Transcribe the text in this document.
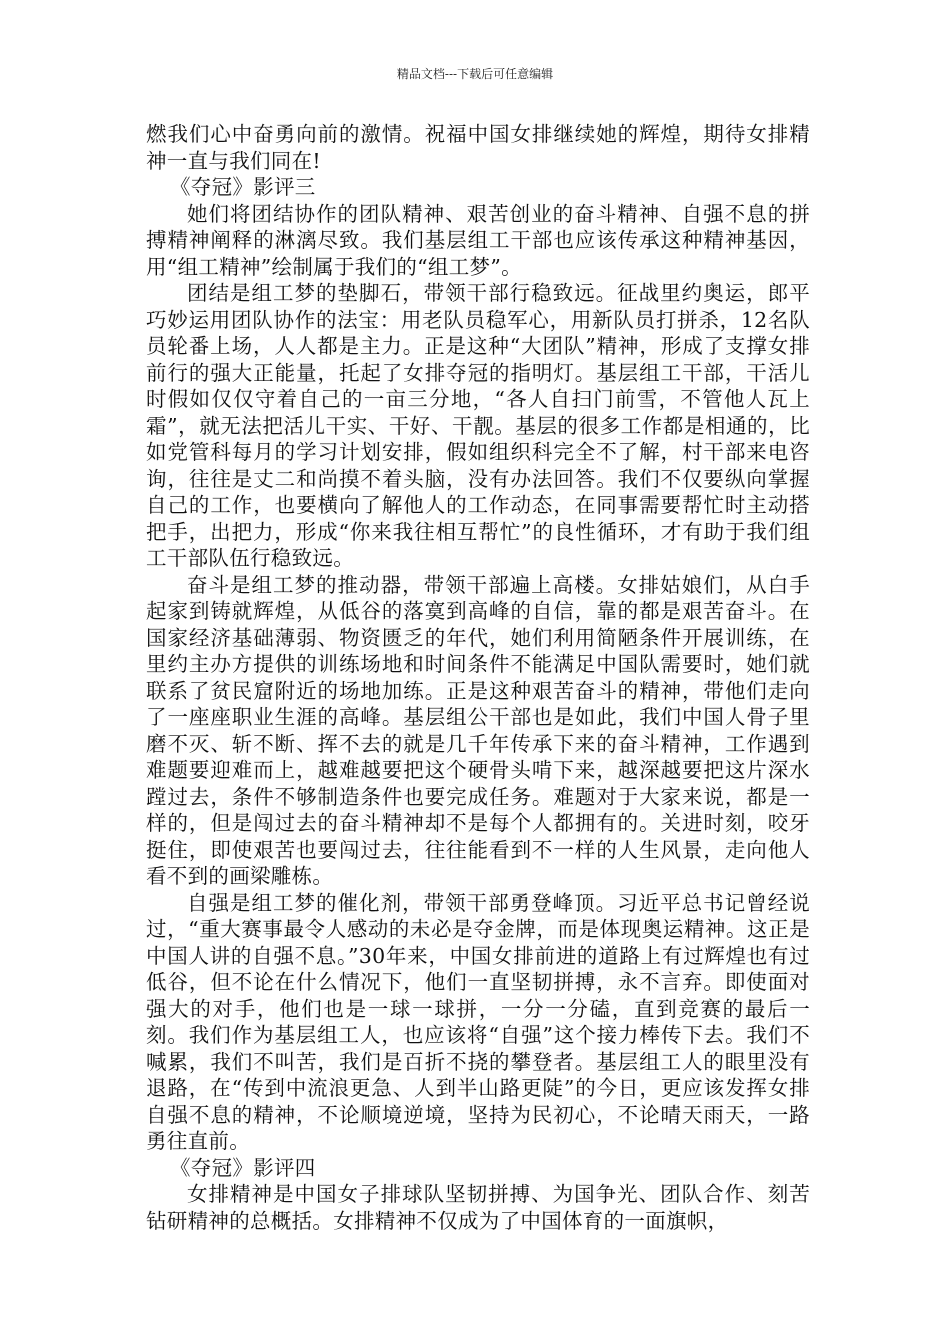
精品文档---下载后可任意编辑

燃我们心中奋勇向前的激情。祝福中国女排继续她的辉煌，期待女排精神一直与我们同在!

《夺冠》影评三

她们将团结协作的团队精神、艰苦创业的奋斗精神、自强不息的拼搏精神阐释的淋漓尽致。我们基层组工干部也应该传承这种精神基因，用“组工精神”绘制属于我们的“组工梦”。

团结是组工梦的垫脚石，带领干部行稳致远。征战里约奥运，郎平巧妙运用团队协作的法宝：用老队员稳军心，用新队员打拼杀，12名队员轮番上场，人人都是主力。正是这种“大团队”精神，形成了支撑女排前行的强大正能量，托起了女排夺冠的指明灯。基层组工干部，干活儿时假如仅仅守着自己的一亩三分地，“各人自扫门前雪，不管他人瓦上霜”，就无法把活儿干实、干好、干靓。基层的很多工作都是相通的，比如党管科每月的学习计划安排，假如组织科完全不了解，村干部来电咨询，往往是丈二和尚摸不着头脑，没有办法回答。我们不仅要纵向掌握自己的工作，也要横向了解他人的工作动态，在同事需要帮忙时主动搭把手，出把力，形成“你来我往相互帮忙”的良性循环，才有助于我们组工干部队伍行稳致远。

奋斗是组工梦的推动器，带领干部遍上高楼。女排姑娘们，从白手起家到铸就辉煌，从低谷的落寞到高峰的自信，靠的都是艰苦奋斗。在国家经济基础薄弱、物资匮乏的年代，她们利用简陋条件开展训练，在里约主办方提供的训练场地和时间条件不能满足中国队需要时，她们就联系了贫民窟附近的场地加练。正是这种艰苦奋斗的精神，带他们走向了一座座职业生涯的高峰。基层组公干部也是如此，我们中国人骨子里磨不灭、斩不断、挥不去的就是几千年传承下来的奋斗精神，工作遇到难题要迎难而上，越难越要把这个硬骨头啃下来，越深越要把这片深水蹚过去，条件不够制造条件也要完成任务。难题对于大家来说，都是一样的，但是闯过去的奋斗精神却不是每个人都拥有的。关进时刻，咬牙挺住，即使艰苦也要闯过去，往往能看到不一样的人生风景，走向他人看不到的画梁雕栋。

自强是组工梦的催化剂，带领干部勇登峰顶。习近平总书记曾经说过，“重大赛事最令人感动的未必是夺金牌，而是体现奥运精神。这正是中国人讲的自强不息。”30年来，中国女排前进的道路上有过辉煌也有过低谷，但不论在什么情况下，他们一直坚韧拼搏，永不言弃。即使面对强大的对手，他们也是一球一球拼，一分一分磕，直到竞赛的最后一刻。我们作为基层组工人，也应该将“自强”这个接力棒传下去。我们不喊累，我们不叫苦，我们是百折不挠的攀登者。基层组工人的眼里没有退路，在“传到中流浪更急、人到半山路更陡”的今日，更应该发挥女排自强不息的精神，不论顺境逆境，坚持为民初心，不论晴天雨天，一路勇往直前。

《夺冠》影评四

女排精神是中国女子排球队坚韧拼搏、为国争光、团队合作、刻苦钻研精神的总概括。女排精神不仅成为了中国体育的一面旗帜，
